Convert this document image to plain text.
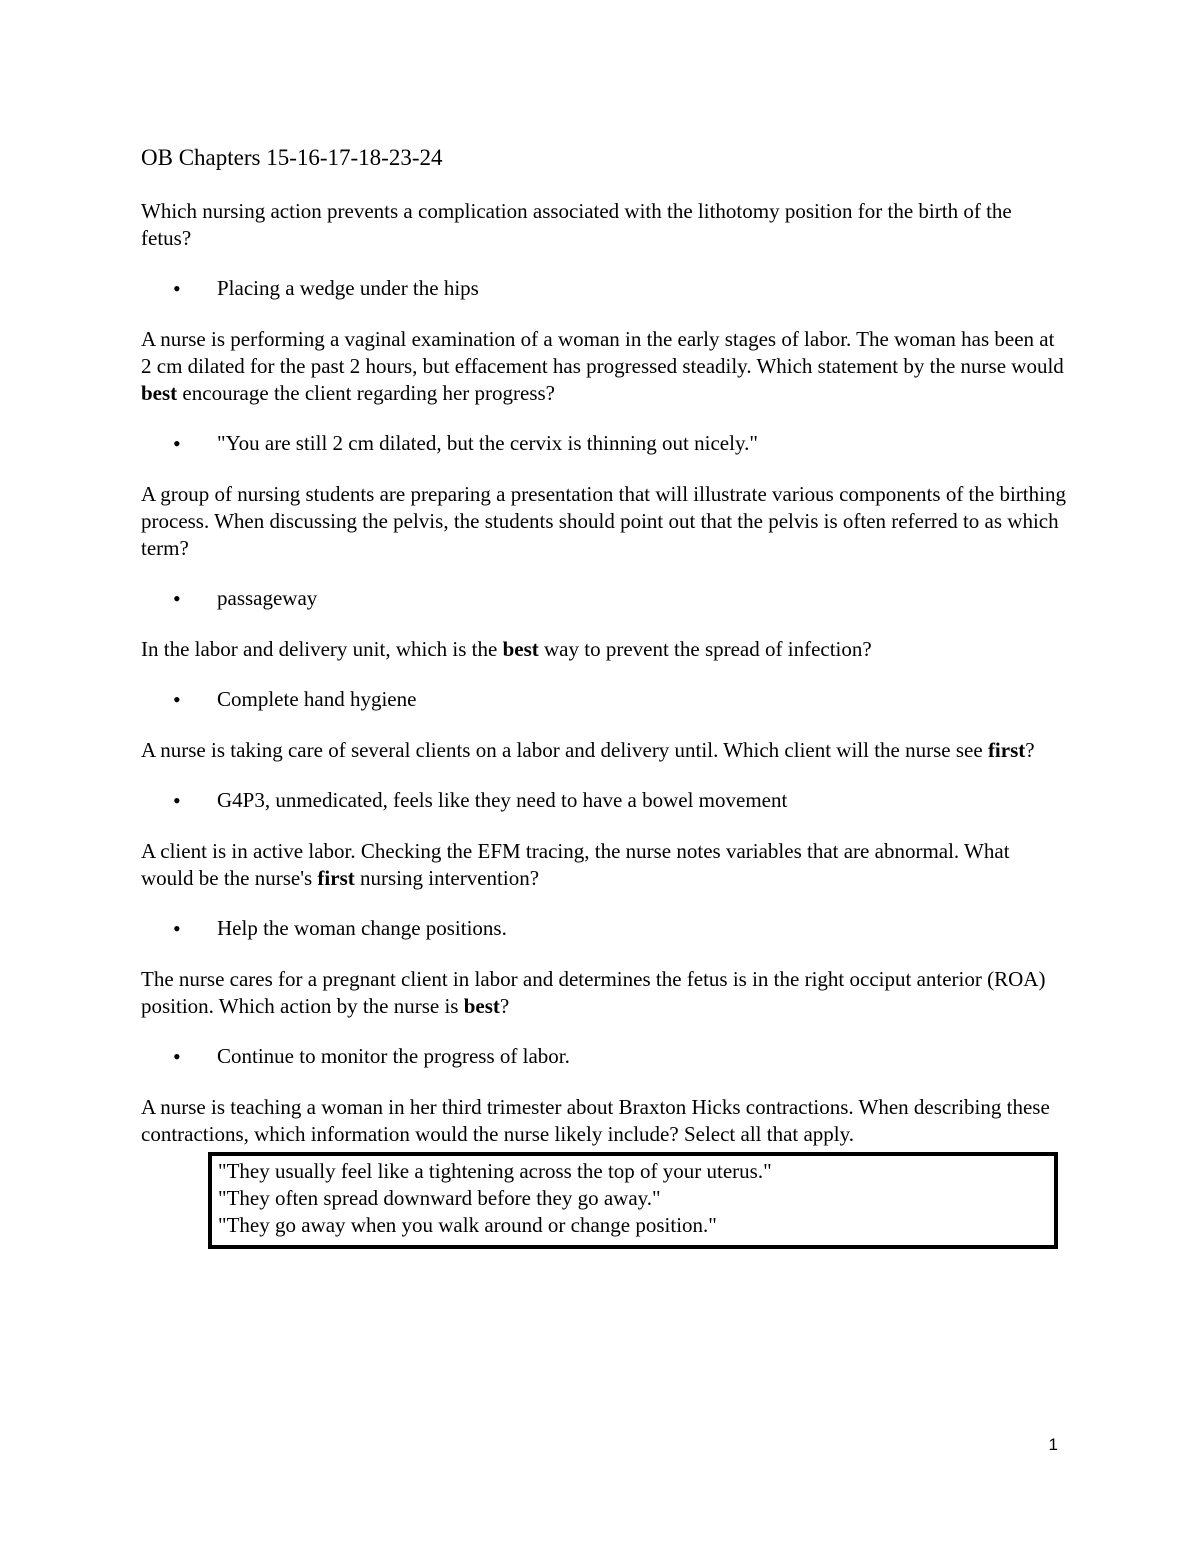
OB Chapters 15-16-17-18-23-24

Which nursing action prevents a complication associated with the lithotomy position for the birth of the fetus?

• Placing a wedge under the hips

A nurse is performing a vaginal examination of a woman in the early stages of labor. The woman has been at 2 cm dilated for the past 2 hours, but effacement has progressed steadily. Which statement by the nurse would best encourage the client regarding her progress?

• "You are still 2 cm dilated, but the cervix is thinning out nicely."

A group of nursing students are preparing a presentation that will illustrate various components of the birthing process. When discussing the pelvis, the students should point out that the pelvis is often referred to as which term?

• passageway

In the labor and delivery unit, which is the best way to prevent the spread of infection?

• Complete hand hygiene

A nurse is taking care of several clients on a labor and delivery until. Which client will the nurse see first?

• G4P3, unmedicated, feels like they need to have a bowel movement

A client is in active labor. Checking the EFM tracing, the nurse notes variables that are abnormal. What would be the nurse's first nursing intervention?

• Help the woman change positions.

The nurse cares for a pregnant client in labor and determines the fetus is in the right occiput anterior (ROA) position. Which action by the nurse is best?

• Continue to monitor the progress of labor.

A nurse is teaching a woman in her third trimester about Braxton Hicks contractions. When describing these contractions, which information would the nurse likely include? Select all that apply.

"They usually feel like a tightening across the top of your uterus."
"They often spread downward before they go away."
"They go away when you walk around or change position."
1
